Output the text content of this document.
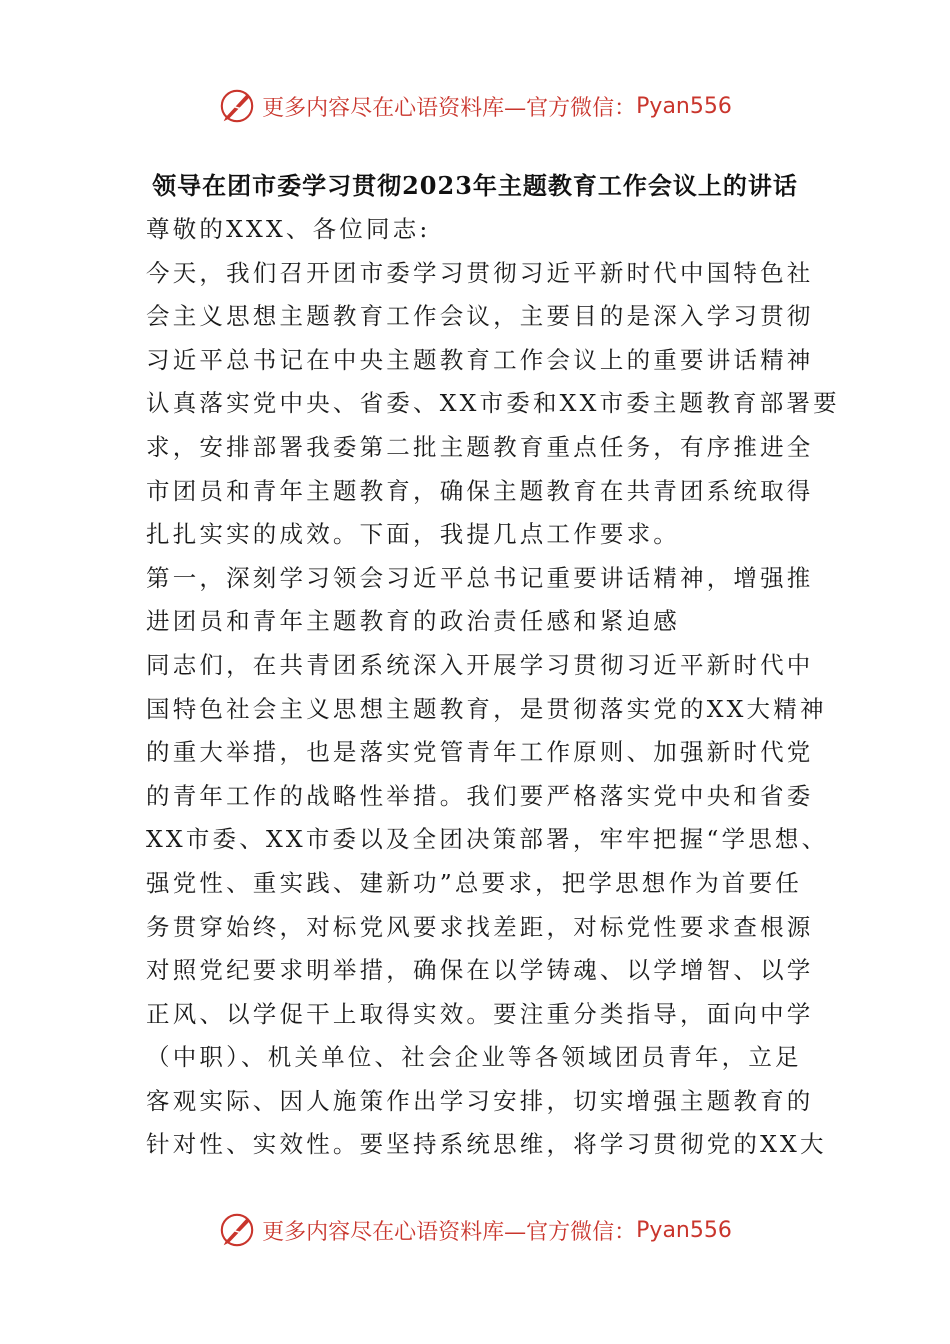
更多内容尽在心语资料库—官方微信： Pyan556
领导在团市委学习贯彻2023年主题教育工作会议上的讲话
尊敬的XXX、各位同志:
今天，我们召开团市委学习贯彻习近平新时代中国特色社
会主义思想主题教育工作会议，主要目的是深入学习贯彻
习近平总书记在中央主题教育工作会议上的重要讲话精神
认真落实党中央、省委、XX市委和XX市委主题教育部署要
求，安排部署我委第二批主题教育重点任务，有序推进全
市团员和青年主题教育，确保主题教育在共青团系统取得
扎扎实实的成效。下面，我提几点工作要求。
第一，深刻学习领会习近平总书记重要讲话精神，增强推
进团员和青年主题教育的政治责任感和紧迫感
同志们，在共青团系统深入开展学习贯彻习近平新时代中
国特色社会主义思想主题教育，是贯彻落实党的XX大精神
的重大举措，也是落实党管青年工作原则、加强新时代党
的青年工作的战略性举措。我们要严格落实党中央和省委
XX市委、XX市委以及全团决策部署，牢牢把握“学思想、
强党性、重实践、建新功”总要求，把学思想作为首要任
务贯穿始终，对标党风要求找差距，对标党性要求查根源
对照党纪要求明举措，确保在以学铸魂、以学增智、以学
正风、以学促干上取得实效。要注重分类指导，面向中学
（中职）、机关单位、社会企业等各领域团员青年，立足
客观实际、因人施策作出学习安排，切实增强主题教育的
针对性、实效性。要坚持系统思维，将学习贯彻党的XX大
更多内容尽在心语资料库—官方微信： Pyan556
